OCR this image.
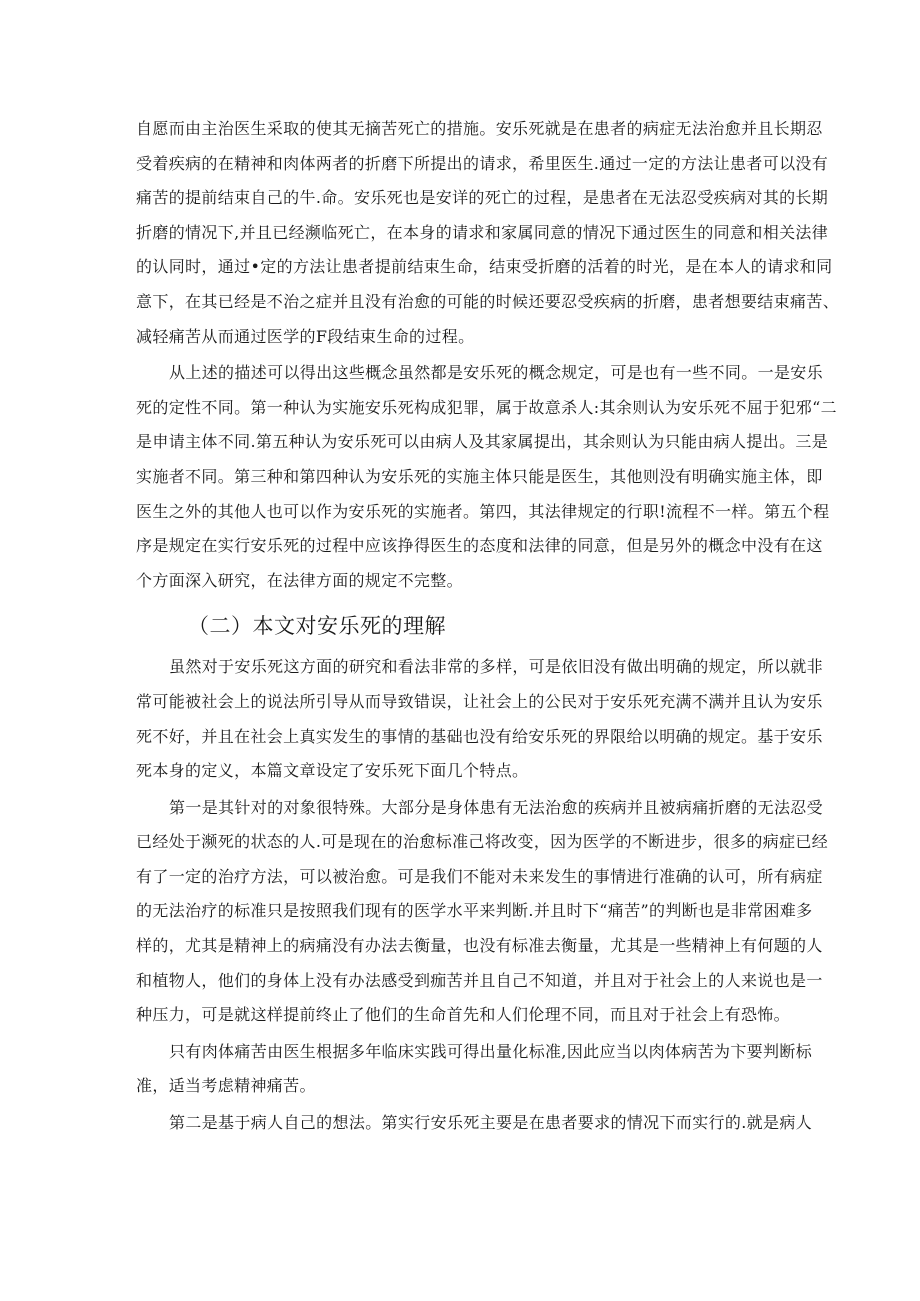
自愿而由主治医生采取的使其无摘苦死亡的措施。安乐死就是在患者的病症无法治愈并且长期忍
受着疾病的在精神和肉体两者的折磨下所提出的请求，希里医生.通过一定的方法让患者可以没有
痛苦的提前结束自己的牛.命。安乐死也是安详的死亡的过程，是患者在无法忍受疾病对其的长期
折磨的情况下,并且已经濒临死亡，在本身的请求和家属同意的情况下通过医生的同意和相关法律
的认同时，通过•定的方法让患者提前结束生命，结束受折磨的活着的时光，是在本人的请求和同
意下，在其已经是不治之症并且没有治愈的可能的时候还要忍受疾病的折磨，患者想要结束痛苦、
减轻痛苦从而通过医学的F段结束生命的过程。
从上述的描述可以得出这些概念虽然都是安乐死的概念规定，可是也有一些不同。一是安乐
死的定性不同。第一种认为实施安乐死构成犯罪，属于故意杀人:其余则认为安乐死不屈于犯邪“二
是申请主体不同.第五种认为安乐死可以由病人及其家属提出，其余则认为只能由病人提出。三是
实施者不同。第三种和第四种认为安乐死的实施主体只能是医生，其他则没有明确实施主体，即
医生之外的其他人也可以作为安乐死的实施者。第四，其法律规定的行职!流程不一样。第五个程
序是规定在实行安乐死的过程中应该挣得医生的态度和法律的同意，但是另外的概念中没有在这
个方面深入研究，在法律方面的规定不完整。
（二）本文对安乐死的理解
虽然对于安乐死这方面的研究和看法非常的多样，可是依旧没有做出明确的规定，所以就非
常可能被社会上的说法所引导从而导致错误，让社会上的公民对于安乐死充满不满并且认为安乐
死不好，并且在社会上真实发生的事情的基础也没有给安乐死的界限给以明确的规定。基于安乐
死本身的定义，本篇文章设定了安乐死下面几个特点。
第一是其针对的对象很特殊。大部分是身体患有无法治愈的疾病并且被病痛折磨的无法忍受
已经处于濒死的状态的人.可是现在的治愈标准己将改变，因为医学的不断进步，很多的病症已经
有了一定的治疗方法，可以被治愈。可是我们不能对未来发生的事情进行准确的认可，所有病症
的无法治疗的标准只是按照我们现有的医学水平来判断.并且时下“痛苦”的判断也是非常困难多
样的，尤其是精神上的病痛没有办法去衡量，也没有标准去衡量，尤其是一些精神上有何题的人
和植物人，他们的身体上没有办法感受到痂苦并且自己不知道，并且对于社会上的人来说也是一
种压力，可是就这样提前终止了他们的生命首先和人们伦理不同，而且对于社会上有恐怖。
只有肉体痛苦由医生根据多年临床实践可得出量化标准,因此应当以肉体病苦为卞要判断标
准，适当考虑精神痛苦。
第二是基于病人自己的想法。第实行安乐死主要是在患者要求的情况下而实行的.就是病人
